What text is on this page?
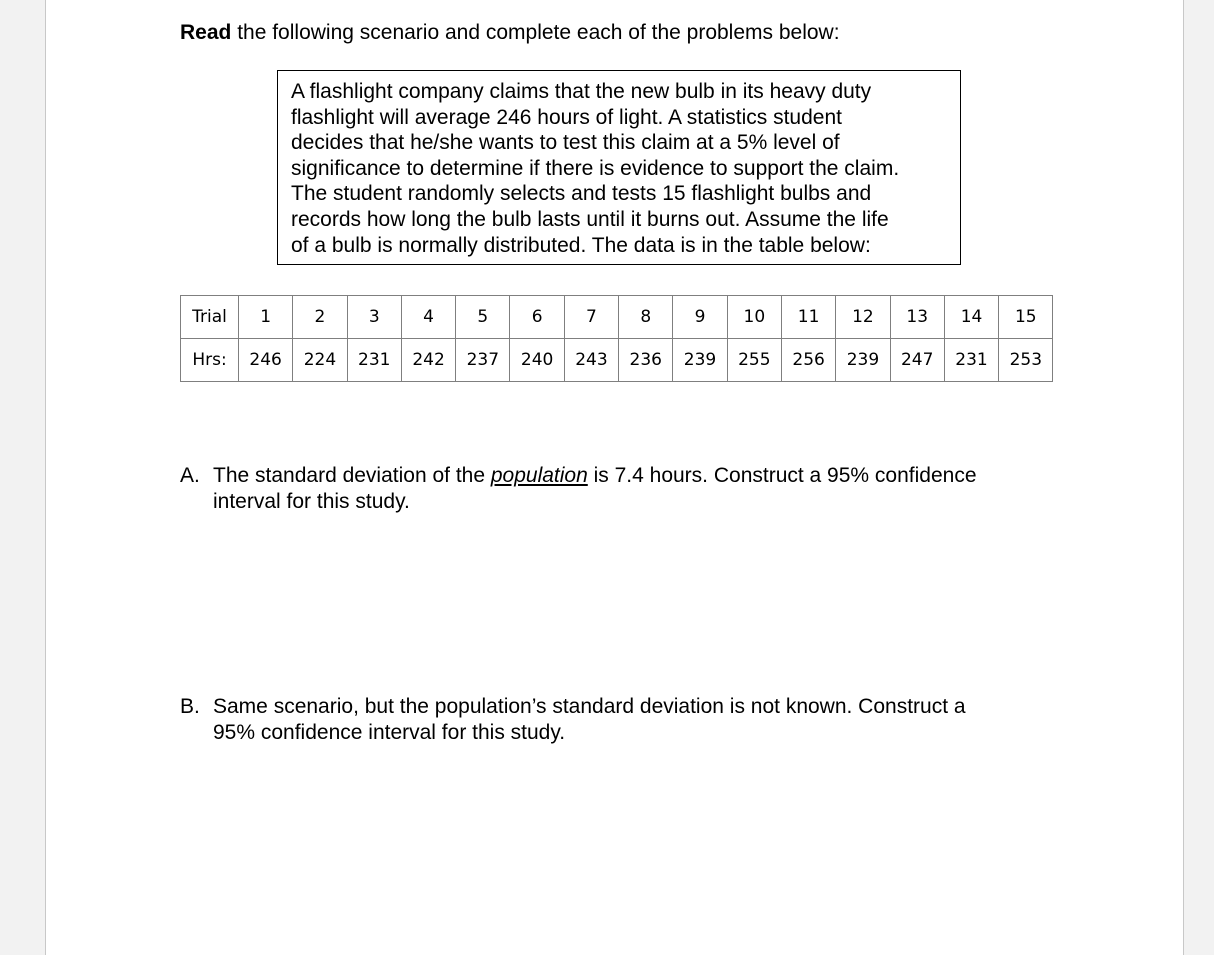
Read the following scenario and complete each of the problems below:
A flashlight company claims that the new bulb in its heavy duty
flashlight will average 246 hours of light. A statistics student
decides that he/she wants to test this claim at a 5% level of
significance to determine if there is evidence to support the claim.
The student randomly selects and tests 15 flashlight bulbs and
records how long the bulb lasts until it burns out. Assume the life
of a bulb is normally distributed. The data is in the table below:
Trial	1	2	3	4	5	6	7	8	9	10	11	12	13	14	15
Hrs:	246	224	231	242	237	240	243	236	239	255	256	239	247	231	253
A. The standard deviation of the population is 7.4 hours. Construct a 95% confidence
interval for this study.
B. Same scenario, but the population’s standard deviation is not known. Construct a
95% confidence interval for this study.
